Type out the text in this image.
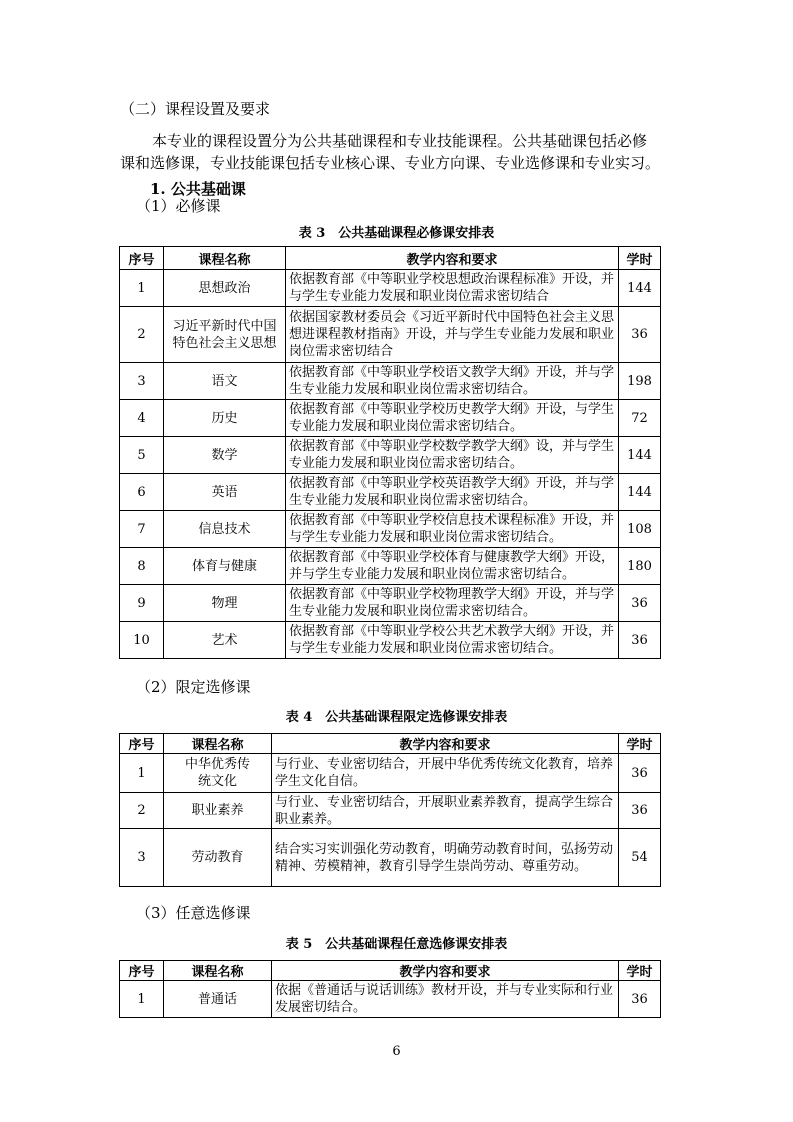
（二）课程设置及要求
本专业的课程设置分为公共基础课程和专业技能课程。公共基础课包括必修
课和选修课，专业技能课包括专业核心课、专业方向课、专业选修课和专业实习。
1. 公共基础课
（1）必修课
表 3　公共基础课程必修课安排表
序号	课程名称	教学内容和要求	学时
1	思想政治	依据教育部《中等职业学校思想政治课程标准》开设，并与学生专业能力发展和职业岗位需求密切结合	144
2	习近平新时代中国特色社会主义思想	依据国家教材委员会《习近平新时代中国特色社会主义思想进课程教材指南》开设，并与学生专业能力发展和职业岗位需求密切结合	36
3	语文	依据教育部《中等职业学校语文教学大纲》开设，并与学生专业能力发展和职业岗位需求密切结合。	198
4	历史	依据教育部《中等职业学校历史教学大纲》开设，与学生专业能力发展和职业岗位需求密切结合。	72
5	数学	依据教育部《中等职业学校数学教学大纲》设，并与学生专业能力发展和职业岗位需求密切结合。	144
6	英语	依据教育部《中等职业学校英语教学大纲》开设，并与学生专业能力发展和职业岗位需求密切结合。	144
7	信息技术	依据教育部《中等职业学校信息技术课程标准》开设，并与学生专业能力发展和职业岗位需求密切结合。	108
8	体育与健康	依据教育部《中等职业学校体育与健康教学大纲》开设，并与学生专业能力发展和职业岗位需求密切结合。	180
9	物理	依据教育部《中等职业学校物理教学大纲》开设，并与学生专业能力发展和职业岗位需求密切结合。	36
10	艺术	依据教育部《中等职业学校公共艺术教学大纲》开设，并与学生专业能力发展和职业岗位需求密切结合。	36
（2）限定选修课
表 4　公共基础课程限定选修课安排表
序号	课程名称	教学内容和要求	学时
1	中华优秀传统文化	与行业、专业密切结合，开展中华优秀传统文化教育，培养学生文化自信。	36
2	职业素养	与行业、专业密切结合，开展职业素养教育，提高学生综合职业素养。	36
3	劳动教育	结合实习实训强化劳动教育，明确劳动教育时间，弘扬劳动精神、劳模精神，教育引导学生崇尚劳动、尊重劳动。	54
（3）任意选修课
表 5　公共基础课程任意选修课安排表
序号	课程名称	教学内容和要求	学时
1	普通话	依据《普通话与说话训练》教材开设，并与专业实际和行业发展密切结合。	36
6
